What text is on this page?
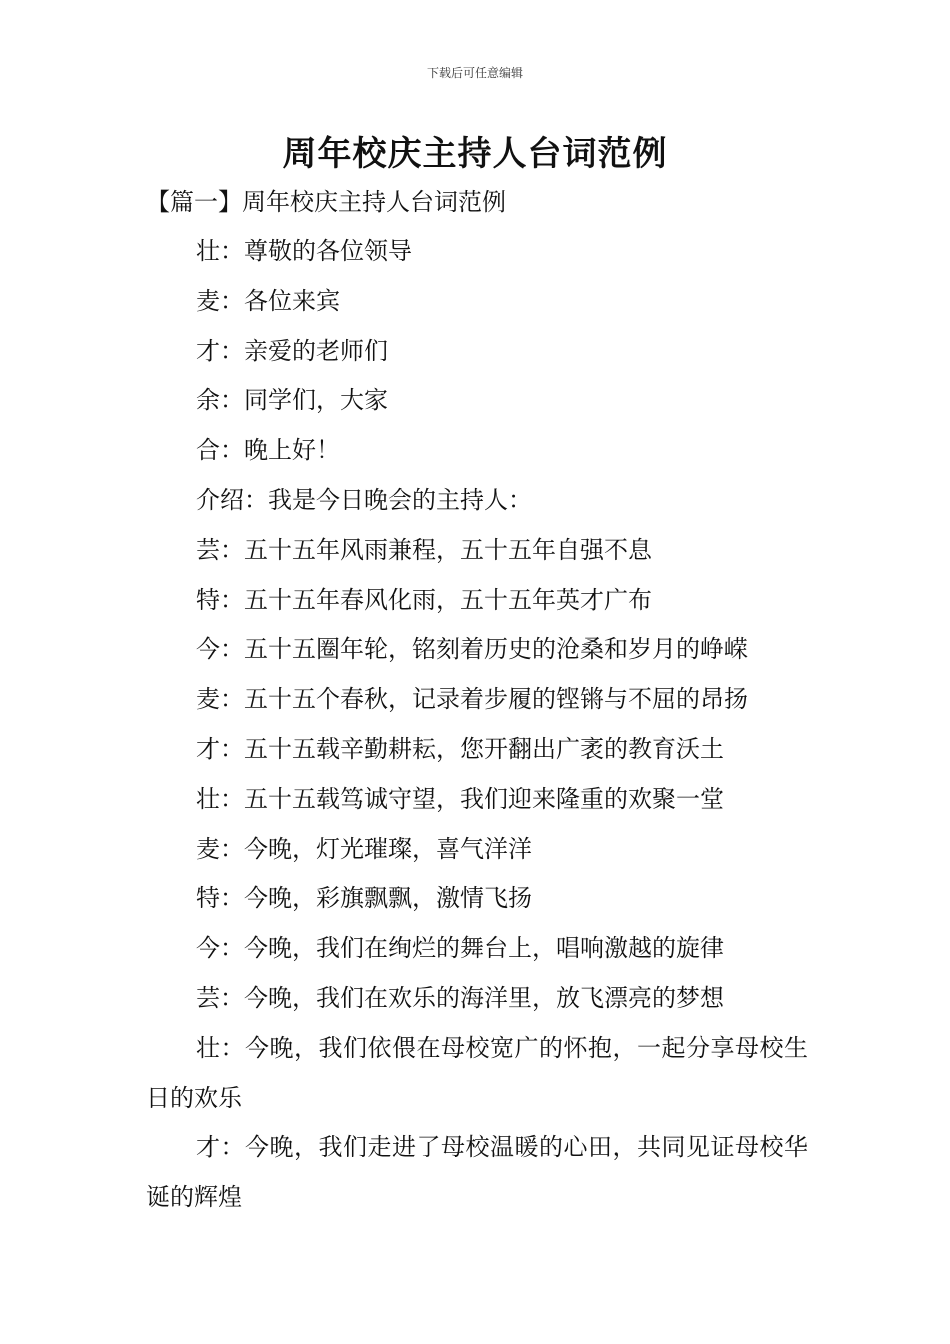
下载后可任意编辑
周年校庆主持人台词范例
【篇一】周年校庆主持人台词范例

壮：尊敬的各位领导

麦：各位来宾

才：亲爱的老师们

余：同学们，大家

合：晚上好！

介绍：我是今日晚会的主持人：

芸：五十五年风雨兼程，五十五年自强不息

特：五十五年春风化雨，五十五年英才广布

今：五十五圈年轮，铭刻着历史的沧桑和岁月的峥嵘

麦：五十五个春秋，记录着步履的铿锵与不屈的昂扬

才：五十五载辛勤耕耘，您开翻出广袤的教育沃土

壮：五十五载笃诚守望，我们迎来隆重的欢聚一堂

麦：今晚，灯光璀璨，喜气洋洋

特：今晚，彩旗飘飘，激情飞扬

今：今晚，我们在绚烂的舞台上，唱响激越的旋律

芸：今晚，我们在欢乐的海洋里，放飞漂亮的梦想

壮：今晚，我们依偎在母校宽广的怀抱，一起分享母校生日的欢乐

才：今晚，我们走进了母校温暖的心田，共同见证母校华诞的辉煌
